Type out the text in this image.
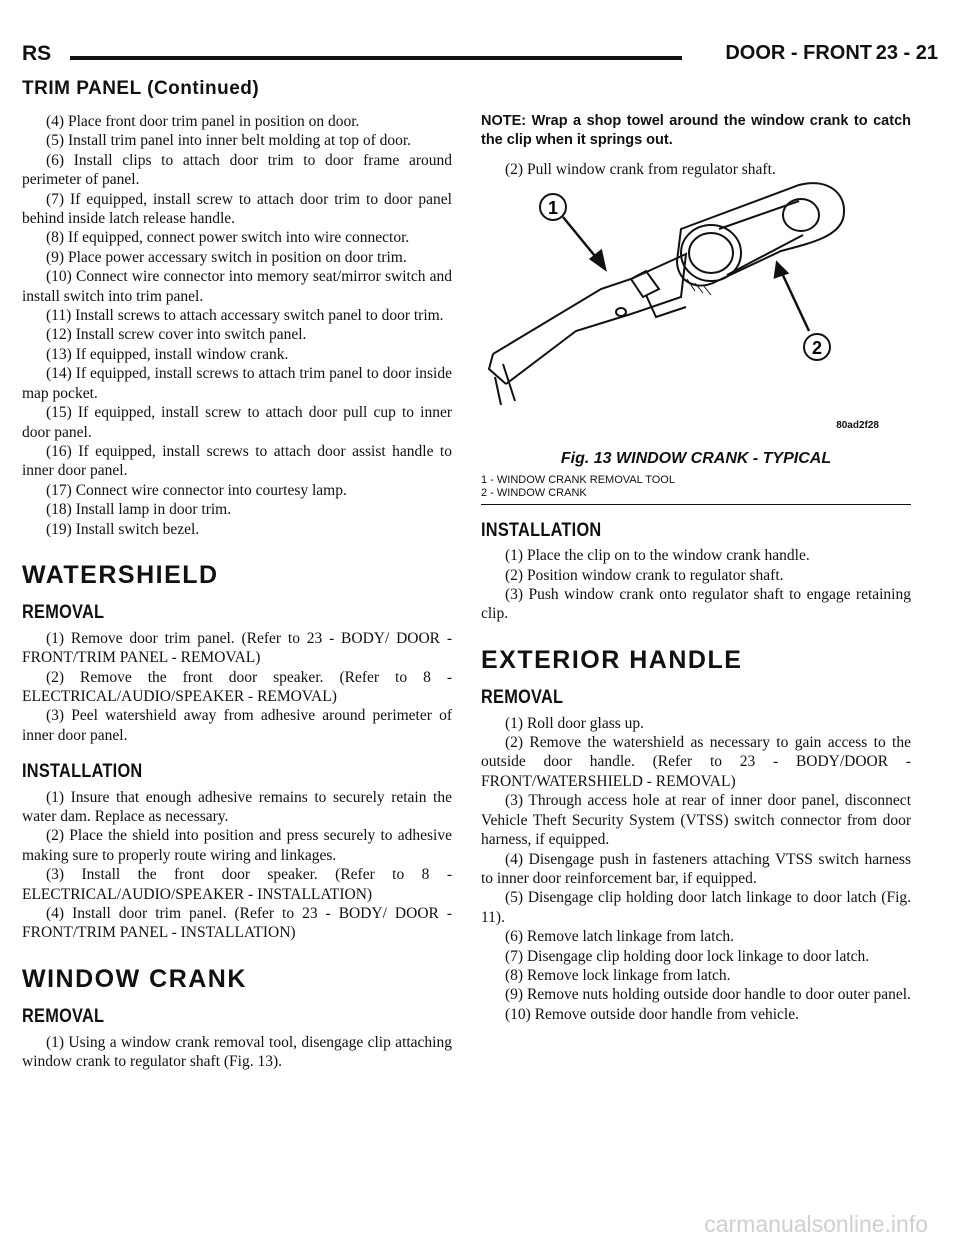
RS	DOOR - FRONT 23 - 21
TRIM PANEL (Continued)

(4) Place front door trim panel in position on door.

(5) Install trim panel into inner belt molding at top of door.

(6) Install clips to attach door trim to door frame around perimeter of panel.

(7) If equipped, install screw to attach door trim to door panel behind inside latch release handle.

(8) If equipped, connect power switch into wire connector.

(9) Place power accessary switch in position on door trim.

(10) Connect wire connector into memory seat/mirror switch and install switch into trim panel.

(11) Install screws to attach accessary switch panel to door trim.

(12) Install screw cover into switch panel.

(13) If equipped, install window crank.

(14) If equipped, install screws to attach trim panel to door inside map pocket.

(15) If equipped, install screw to attach door pull cup to inner door panel.

(16) If equipped, install screws to attach door assist handle to inner door panel.

(17) Connect wire connector into courtesy lamp.

(18) Install lamp in door trim.

(19) Install switch bezel.

WATERSHIELD
REMOVAL

(1) Remove door trim panel. (Refer to 23 - BODY/ DOOR - FRONT/TRIM PANEL - REMOVAL)

(2) Remove the front door speaker. (Refer to 8 - ELECTRICAL/AUDIO/SPEAKER - REMOVAL)

(3) Peel watershield away from adhesive around perimeter of inner door panel.

INSTALLATION

(1) Insure that enough adhesive remains to securely retain the water dam. Replace as necessary.

(2) Place the shield into position and press securely to adhesive making sure to properly route wiring and linkages.

(3) Install the front door speaker. (Refer to 8 - ELECTRICAL/AUDIO/SPEAKER - INSTALLATION)

(4) Install door trim panel. (Refer to 23 - BODY/ DOOR - FRONT/TRIM PANEL - INSTALLATION)

WINDOW CRANK
REMOVAL

(1) Using a window crank removal tool, disengage clip attaching window crank to regulator shaft (Fig. 13).

NOTE: Wrap a shop towel around the window crank to catch the clip when it springs out.

(2) Pull window crank from regulator shaft.

1
2
80ad2f28

Fig. 13 WINDOW CRANK - TYPICAL

1 - WINDOW CRANK REMOVAL TOOL

2 - WINDOW CRANK

INSTALLATION

(1) Place the clip on to the window crank handle.

(2) Position window crank to regulator shaft.

(3) Push window crank onto regulator shaft to engage retaining clip.

EXTERIOR HANDLE
REMOVAL

(1) Roll door glass up.

(2) Remove the watershield as necessary to gain access to the outside door handle. (Refer to 23 - BODY/DOOR - FRONT/WATERSHIELD - REMOVAL)

(3) Through access hole at rear of inner door panel, disconnect Vehicle Theft Security System (VTSS) switch connector from door harness, if equipped.

(4) Disengage push in fasteners attaching VTSS switch harness to inner door reinforcement bar, if equipped.

(5) Disengage clip holding door latch linkage to door latch (Fig. 11).

(6) Remove latch linkage from latch.

(7) Disengage clip holding door lock linkage to door latch.

(8) Remove lock linkage from latch.

(9) Remove nuts holding outside door handle to door outer panel.

(10) Remove outside door handle from vehicle.

carmanualsonline.info
